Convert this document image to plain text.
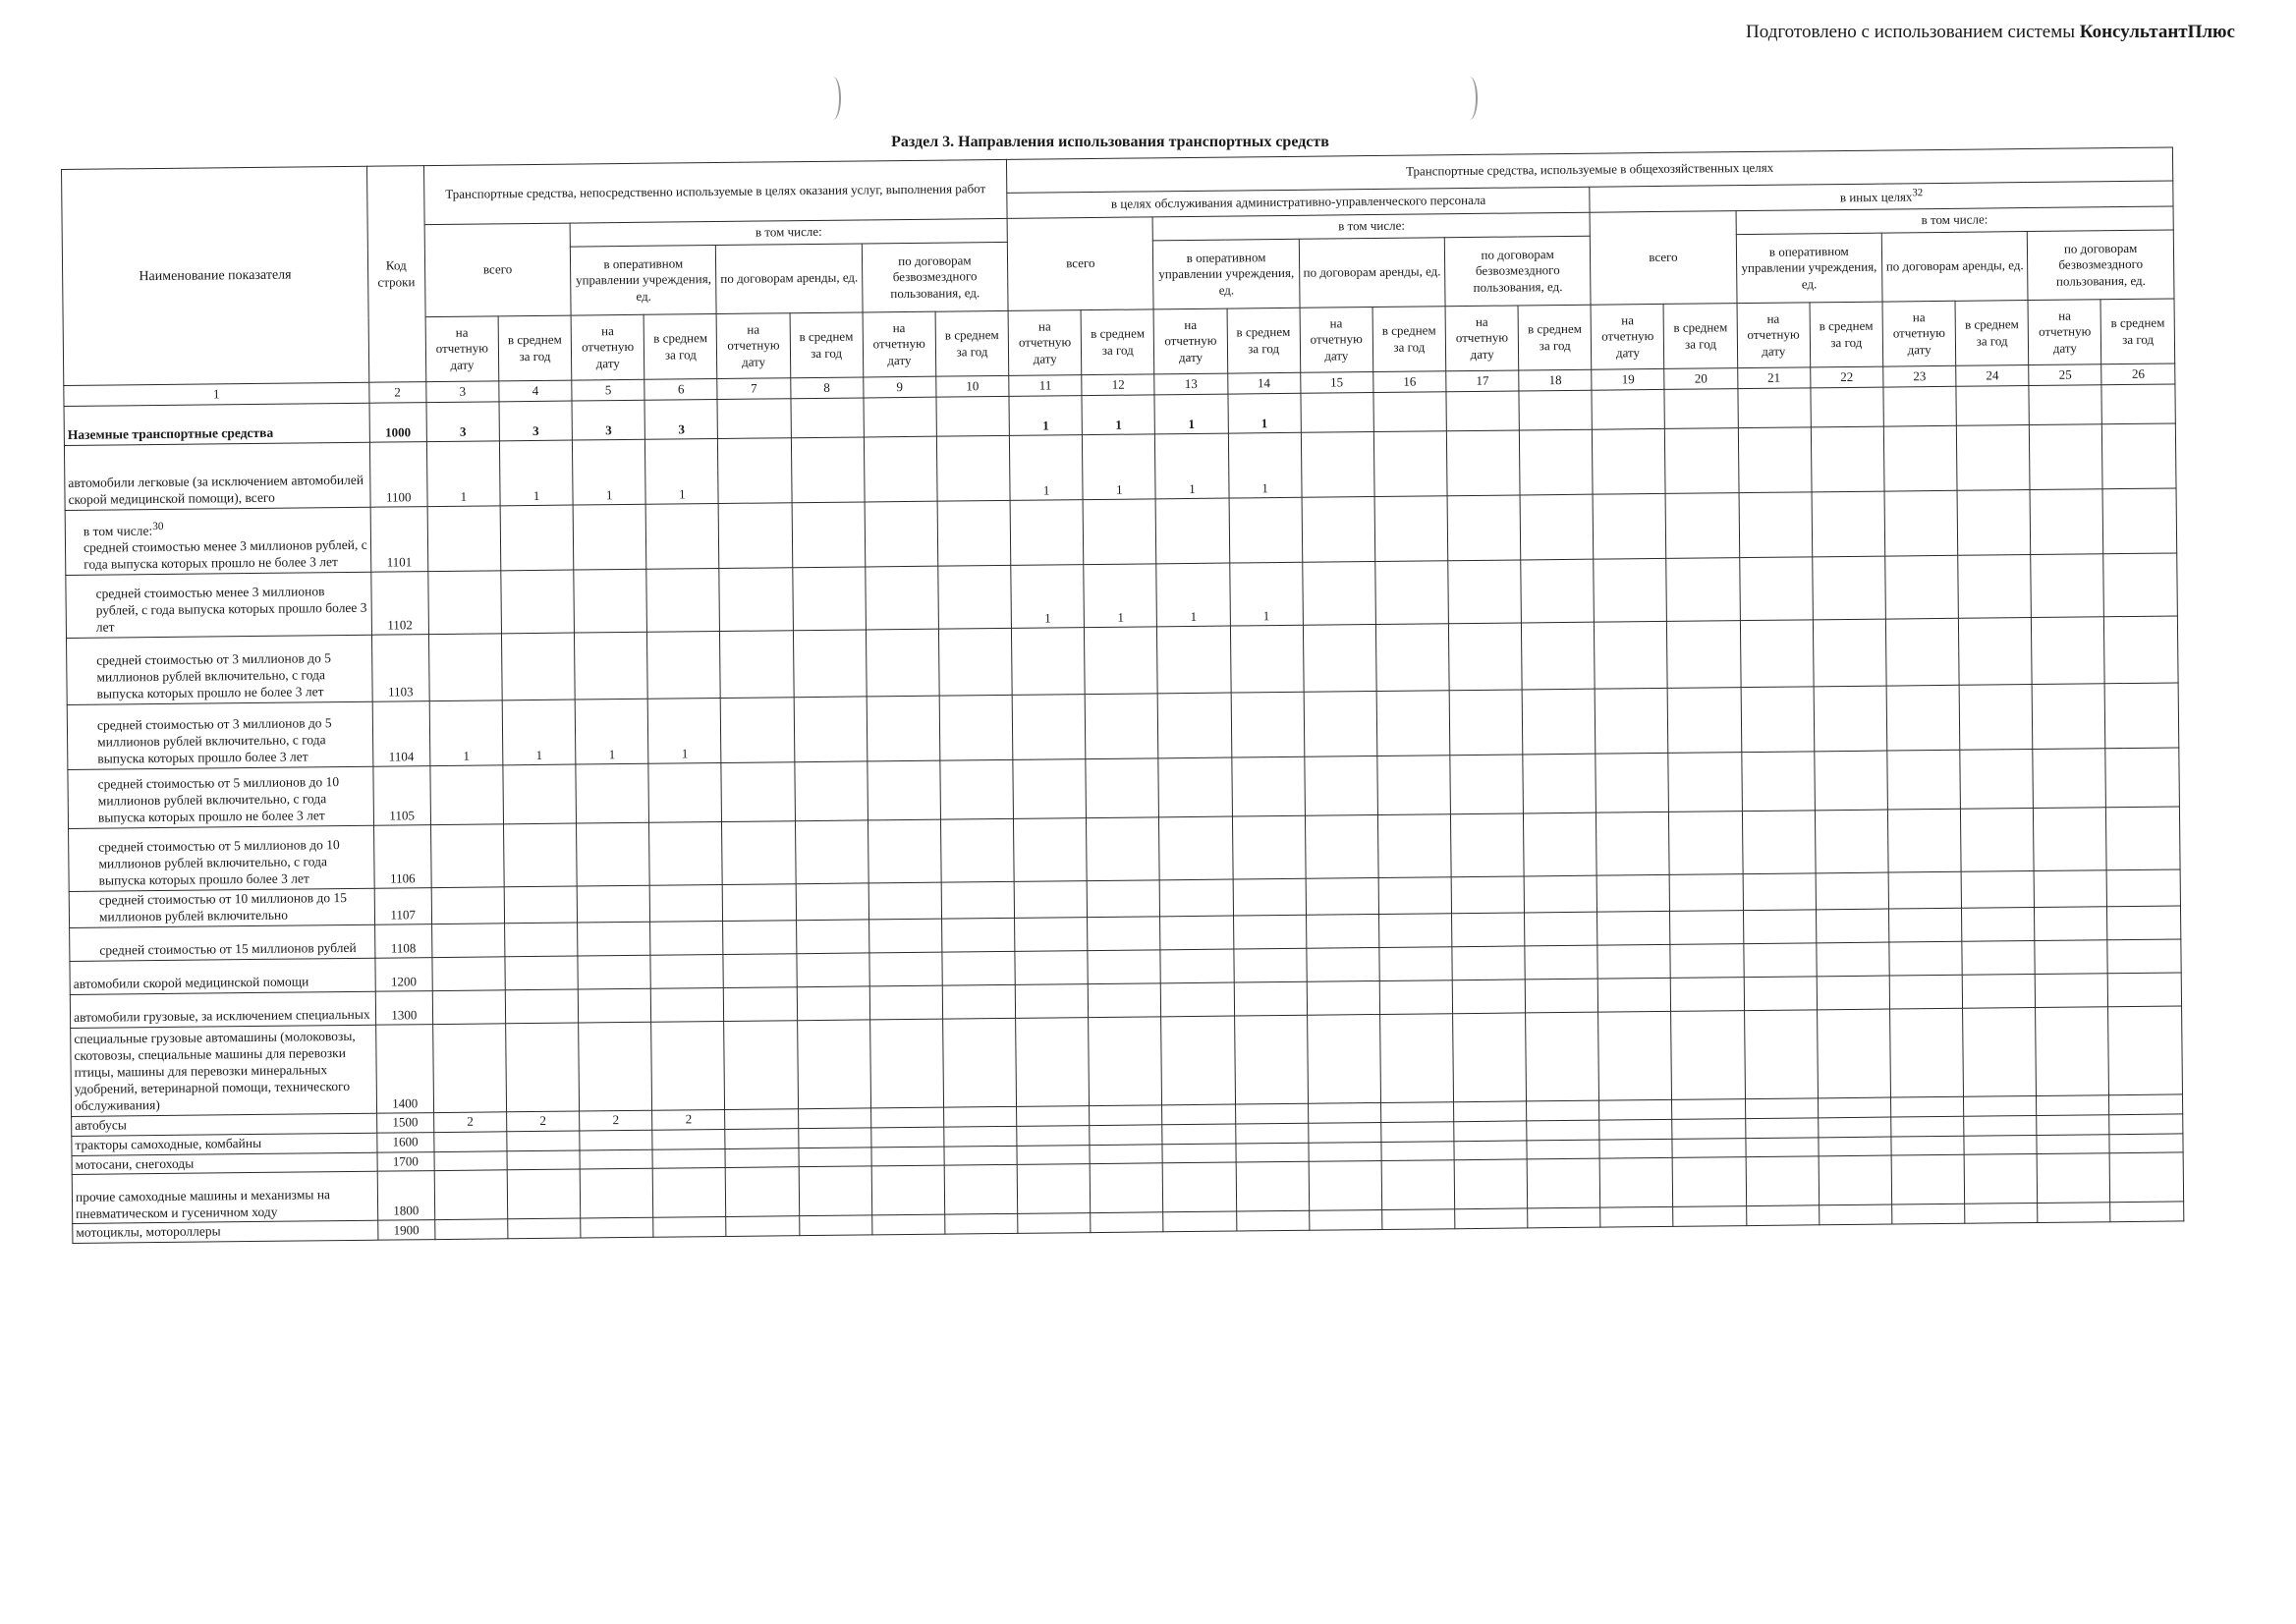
Подготовлено с использованием системы КонсультантПлюс
Раздел 3. Направления использования транспортных средств
Наименование показателя	Код строки	Транспортные средства, непосредственно используемые в целях оказания услуг, выполнения работ								Транспортные средства, используемые в общехозяйственных целях															
										в целях обслуживания административно-управленческого персонала								в иных целях$^{32}$
		всего		в том числе:						всего		в том числе:						всего		в том числе:					
				в оперативном управлении учреждения, ед.		по договорам аренды, ед.		по договорам безвозмездного пользования, ед.				в оперативном управлении учреждения, ед.		по договорам аренды, ед.		по договорам безвозмездного пользования, ед.				в оперативном управлении учреждения, ед.		по договорам аренды, ед.		по договорам безвозмездного пользования, ед.	
		на отчетную дату	в среднем за год	на отчетную дату	в среднем за год	на отчетную дату	в среднем за год	на отчетную дату	в среднем за год	на отчетную дату	в среднем за год	на отчетную дату	в среднем за год	на отчетную дату	в среднем за год	на отчетную дату	в среднем за год	на отчетную дату	в среднем за год	на отчетную дату	в среднем за год	на отчетную дату	в среднем за год	на отчетную дату	в среднем за год
1	2	3	4	5	6	7	8	9	10	11	12	13	14	15	16	17	18	19	20	21	22	23	24	25	26
Наземные транспортные средства	1000	3	3	3	3					1	1	1	1												
автомобили легковые (за исключением автомобилей скорой медицинской помощи), всего	1100	1	1	1	1					1	1	1	1												
в том числе:$^{30}$
средней стоимостью менее 3 миллионов рублей, с года выпуска которых прошло не более 3 лет	1101																								
средней стоимостью менее 3 миллионов рублей, с года выпуска которых прошло более 3 лет	1102									1	1	1	1												
средней стоимостью от 3 миллионов до 5 миллионов рублей включительно, с года выпуска которых прошло не более 3 лет	1103																								
средней стоимостью от 3 миллионов до 5 миллионов рублей включительно, с года выпуска которых прошло более 3 лет	1104	1	1	1	1																				
средней стоимостью от 5 миллионов до 10 миллионов рублей включительно, с года выпуска которых прошло не более 3 лет	1105																								
средней стоимостью от 5 миллионов до 10 миллионов рублей включительно, с года выпуска которых прошло более 3 лет	1106																								
средней стоимостью от 10 миллионов до 15 миллионов рублей включительно	1107																								
средней стоимостью от 15 миллионов рублей	1108																								
автомобили скорой медицинской помощи	1200																								
автомобили грузовые, за исключением специальных	1300																								
специальные грузовые автомашины (молоковозы, скотовозы, специальные машины для перевозки птицы, машины для перевозки минеральных удобрений, ветеринарной помощи, технического обслуживания)	1400																								
автобусы	1500	2	2	2	2																				
тракторы самоходные, комбайны	1600																								
мотосани, снегоходы	1700																								
прочие самоходные машины и механизмы на пневматическом и гусеничном ходу	1800																								
мотоциклы, мотороллеры	1900																								
